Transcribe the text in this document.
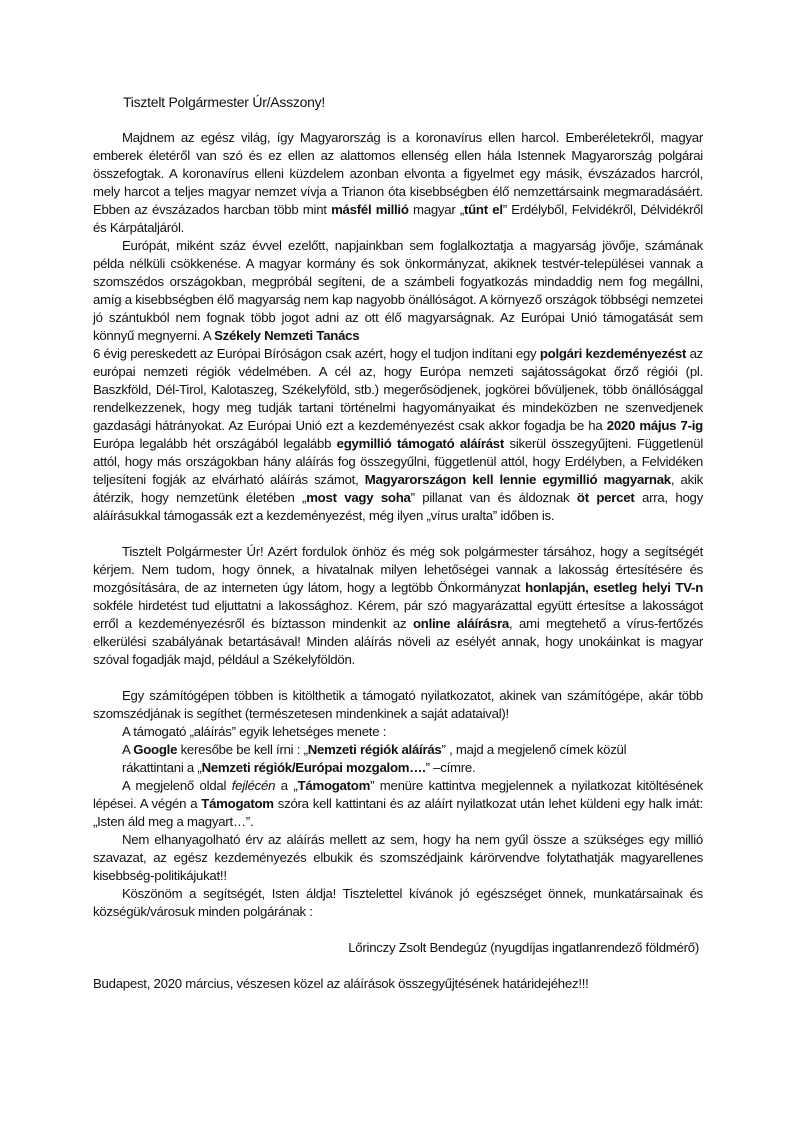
Tisztelt Polgármester Úr/Asszony!

Majdnem az egész világ, így Magyarország is a koronavírus ellen harcol. Emberéletekről, magyar emberek életéről van szó és ez ellen az alattomos ellenség ellen hála Istennek Magyarország polgárai összefogtak. A koronavírus elleni küzdelem azonban elvonta a figyelmet egy másik, évszázados harcról, mely harcot a teljes magyar nemzet vívja a Trianon óta kisebbségben élő nemzettársaink megmaradásáért. Ebben az évszázados harcban több mint másfél millió magyar „tűnt el” Erdélyből, Felvidékről, Délvidékről és Kárpátaljáról.

Európát, miként száz évvel ezelőtt, napjainkban sem foglalkoztatja a magyarság jövője, számának példa nélküli csökkenése. A magyar kormány és sok önkormányzat, akiknek testvér-települései vannak a szomszédos országokban, megpróbál segíteni, de a számbeli fogyatkozás mindaddig nem fog megállni, amíg a kisebbségben élő magyarság nem kap nagyobb önállóságot. A környező országok többségi nemzetei jó szántukból nem fognak több jogot adni az ott élő magyarságnak. Az Európai Unió támogatását sem könnyű megnyerni. A Székely Nemzeti Tanács

6 évig pereskedett az Európai Bíróságon csak azért, hogy el tudjon indítani egy polgári kezdeményezést az európai nemzeti régiók védelmében. A cél az, hogy Európa nemzeti sajátosságokat őrző régiói (pl. Baszkföld, Dél-Tirol, Kalotaszeg, Székelyföld, stb.) megerősödjenek, jogkörei bővüljenek, több önállósággal rendelkezzenek, hogy meg tudják tartani történelmi hagyományaikat és mindeközben ne szenvedjenek gazdasági hátrányokat. Az Európai Unió ezt a kezdeményezést csak akkor fogadja be ha 2020 május 7-ig Európa legalább hét országából legalább egymillió támogató aláírást sikerül összegyűjteni. Függetlenül attól, hogy más országokban hány aláírás fog összegyűlni, függetlenül attól, hogy Erdélyben, a Felvidéken teljesíteni fogják az elvárható aláírás számot, Magyarországon kell lennie egymillió magyarnak, akik átérzik, hogy nemzetünk életében „most vagy soha” pillanat van és áldoznak öt percet arra, hogy aláírásukkal támogassák ezt a kezdeményezést, még ilyen „vírus uralta” időben is.

Tisztelt Polgármester Úr! Azért fordulok önhöz és még sok polgármester társához, hogy a segítségét kérjem. Nem tudom, hogy önnek, a hivatalnak milyen lehetőségei vannak a lakosság értesítésére és mozgósítására, de az interneten úgy látom, hogy a legtöbb Önkormányzat honlapján, esetleg helyi TV-n sokféle hirdetést tud eljuttatni a lakossághoz. Kérem, pár szó magyarázattal együtt értesítse a lakosságot erről a kezdeményezésről és bíztasson mindenkit az online aláírásra, ami megtehető a vírus-fertőzés elkerülési szabályának betartásával! Minden aláírás növeli az esélyét annak, hogy unokáinkat is magyar szóval fogadják majd, például a Székelyföldön.

Egy számítógépen többen is kitölthetik a támogató nyilatkozatot, akinek van számítógépe, akár több szomszédjának is segíthet (természetesen mindenkinek a saját adataival)!

A támogató „aláírás” egyik lehetséges menete :

A Google keresőbe be kell írni : „Nemzeti régiók aláírás” , majd a megjelenő címek közül

rákattintani a „Nemzeti régiók/Európai mozgalom….” –címre.

A megjelenő oldal fejlécén a „Támogatom” menüre kattintva megjelennek a nyilatkozat kitöltésének lépései. A végén a Támogatom szóra kell kattintani és az aláírt nyilatkozat után lehet küldeni egy halk imát: „Isten áld meg a magyart…”.

Nem elhanyagolható érv az aláírás mellett az sem, hogy ha nem gyűl össze a szükséges egy millió szavazat, az egész kezdeményezés elbukik és szomszédjaink kárörvendve folytathatják magyarellenes kisebbség-politikájukat!!

Köszönöm a segítségét, Isten áldja! Tisztelettel kívánok jó egészséget önnek, munkatársainak és községük/városuk minden polgárának :

Lőrinczy Zsolt Bendegúz (nyugdíjas ingatlanrendező földmérő)

Budapest, 2020 március, vészesen közel az aláírások összegyűjtésének határidejéhez!!!
